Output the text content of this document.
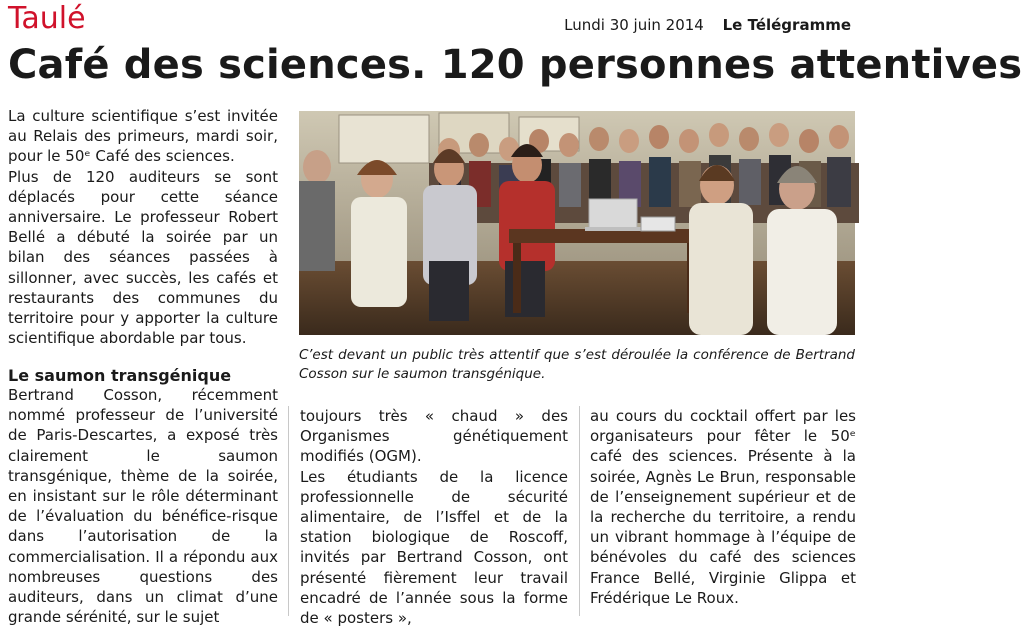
Taulé	Lundi 30 juin 2014 Le Télégramme
Café des sciences. 120 personnes attentives

La culture scientifique s’est invitée au Relais des primeurs, mardi soir, pour le 50ᵉ Café des sciences.

Plus de 120 auditeurs se sont déplacés pour cette séance anniversaire. Le professeur Robert Bellé a débuté la soirée par un bilan des séances passées à sillonner, avec succès, les cafés et restaurants des communes du territoire pour y apporter la culture scientifique abordable par tous.

Le saumon transgénique

Bertrand Cosson, récemment nommé professeur de l’université de Paris-Descartes, a exposé très clairement le saumon transgénique, thème de la soirée, en insistant sur le rôle déterminant de l’évaluation du bénéfice-risque dans l’autorisation de la commercialisation. Il a répondu aux nombreuses questions des auditeurs, dans un climat d’une grande sérénité, sur le sujet

toujours très « chaud » des Organismes génétiquement modifiés (OGM).

Les étudiants de la licence professionnelle de sécurité alimentaire, de l’Isffel et de la station biologique de Roscoff, invités par Bertrand Cosson, ont présenté fièrement leur travail encadré de l’année sous la forme de « posters »,

au cours du cocktail offert par les organisateurs pour fêter le 50ᵉ café des sciences. Présente à la soirée, Agnès Le Brun, responsable de l’enseignement supérieur et de la recherche du territoire, a rendu un vibrant hommage à l’équipe de bénévoles du café des sciences France Bellé, Virginie Glippa et Frédérique Le Roux.

C’est devant un public très attentif que s’est déroulée la conférence de Bertrand Cosson sur le saumon transgénique.
